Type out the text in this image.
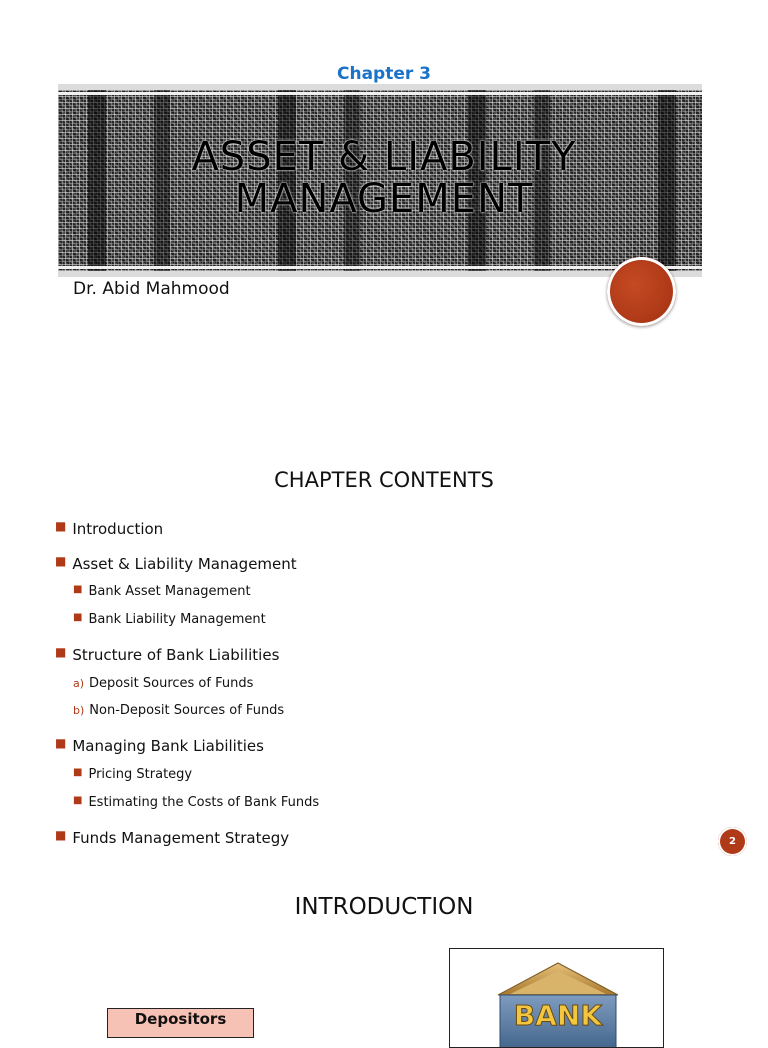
Chapter 3
ASSET & LIABILITY
MANAGEMENT
Dr. Abid Mahmood
CHAPTER CONTENTS
■ Introduction
■ Asset & Liability Management
■ Bank Asset Management
■ Bank Liability Management
■ Structure of Bank Liabilities
a) Deposit Sources of Funds
b) Non-Deposit Sources of Funds
■ Managing Bank Liabilities
■ Pricing Strategy
■ Estimating the Costs of Bank Funds
■ Funds Management Strategy	2
INTRODUCTION
Depositors	BANK
